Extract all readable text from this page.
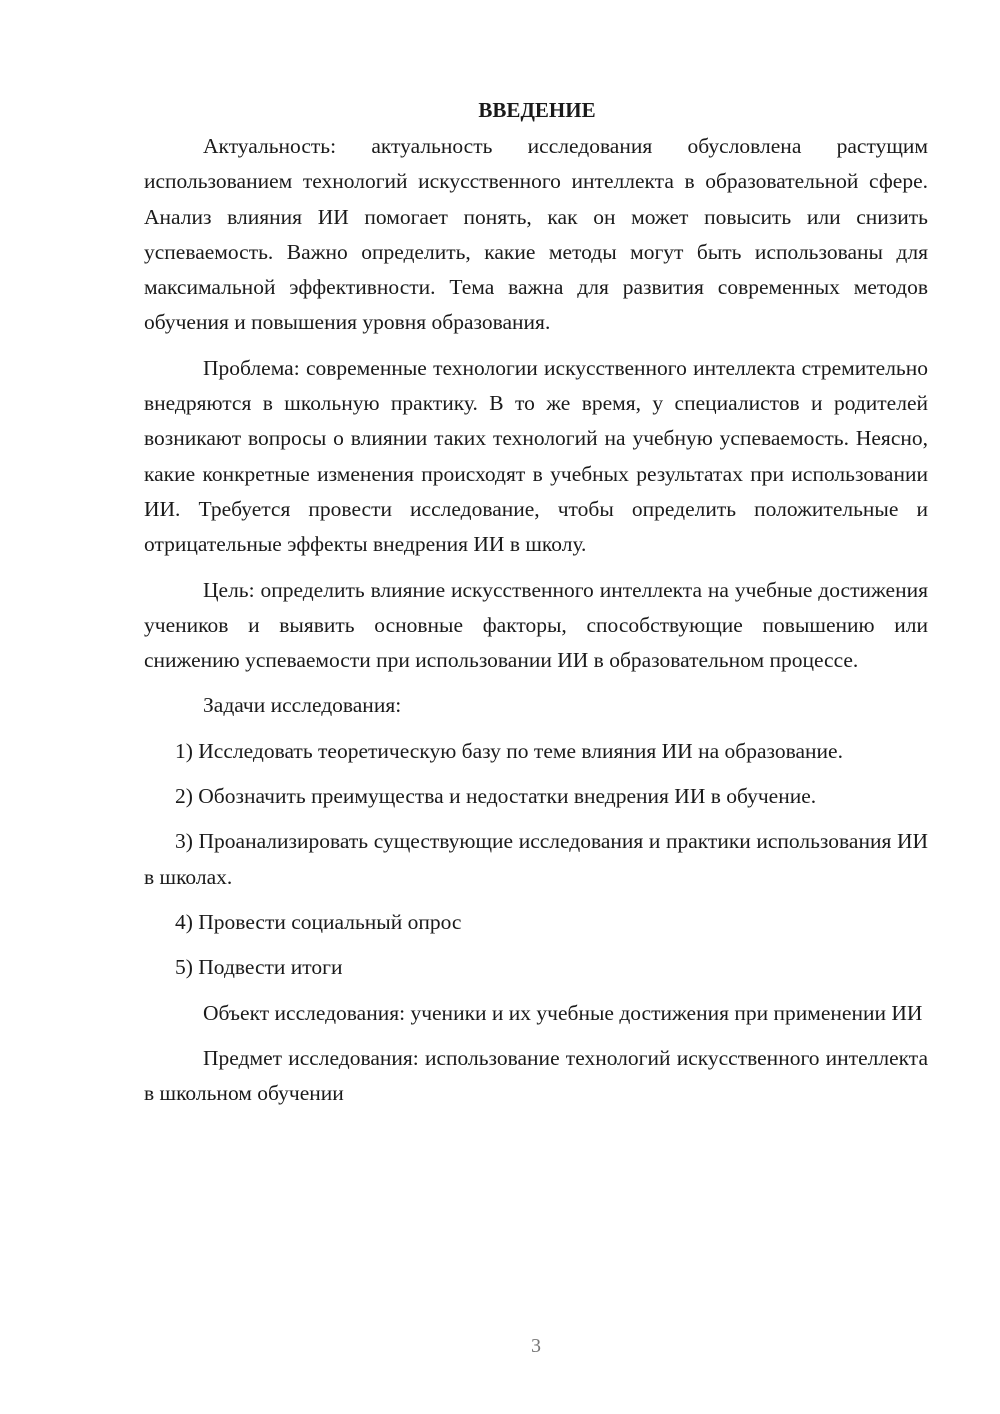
ВВЕДЕНИЕ

Актуальность: актуальность исследования обусловлена растущим использованием технологий искусственного интеллекта в образовательной сфере. Анализ влияния ИИ помогает понять, как он может повысить или снизить успеваемость. Важно определить, какие методы могут быть использованы для максимальной эффективности. Тема важна для развития современных методов обучения и повышения уровня образования.

Проблема: современные технологии искусственного интеллекта стремительно внедряются в школьную практику. В то же время, у специалистов и родителей возникают вопросы о влиянии таких технологий на учебную успеваемость. Неясно, какие конкретные изменения происходят в учебных результатах при использовании ИИ. Требуется провести исследование, чтобы определить положительные и отрицательные эффекты внедрения ИИ в школу.

Цель: определить влияние искусственного интеллекта на учебные достижения учеников и выявить основные факторы, способствующие повышению или снижению успеваемости при использовании ИИ в образовательном процессе.

Задачи исследования:

1) Исследовать теоретическую базу по теме влияния ИИ на образование.

2) Обозначить преимущества и недостатки внедрения ИИ в обучение.

3) Проанализировать существующие исследования и практики использования ИИ в школах.

4) Провести социальный опрос

5) Подвести итоги

Объект исследования: ученики и их учебные достижения при применении ИИ

Предмет исследования: использование технологий искусственного интеллекта в школьном обучении

3
